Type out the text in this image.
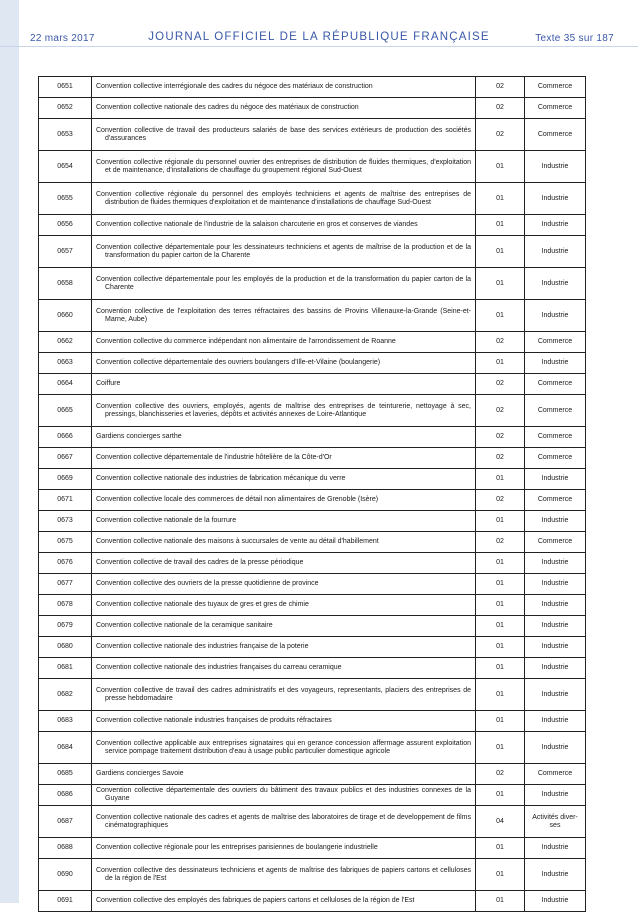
22 mars 2017	JOURNAL OFFICIEL DE LA RÉPUBLIQUE FRANÇAISE	Texte 35 sur 187
0651	Convention collective interrégionale des cadres du négoce des matériaux de construction	02	Commerce
0652	Convention collective nationale des cadres du négoce des matériaux de construction	02	Commerce
0653	Convention collective de travail des producteurs salariés de base des services extérieurs de production des sociétés d'assurances	02	Commerce
0654	Convention collective régionale du personnel ouvrier des entreprises de distribution de fluides thermiques, d'exploitation et de maintenance, d'installations de chauffage du groupement régional Sud-Ouest	01	Industrie
0655	Convention collective régionale du personnel des employés techniciens et agents de maîtrise des entreprises de distribution de fluides thermiques d'exploitation et de maintenance d'installations de chauffage Sud-Ouest	01	Industrie
0656	Convention collective nationale de l'industrie de la salaison charcuterie en gros et conserves de viandes	01	Industrie
0657	Convention collective départementale pour les dessinateurs techniciens et agents de maîtrise de la production et de la transformation du papier carton de la Charente	01	Industrie
0658	Convention collective départementale pour les employés de la production et de la transformation du papier carton de la Charente	01	Industrie
0660	Convention collective de l'exploitation des terres réfractaires des bassins de Provins Villenauxe-la-Grande (Seine-et-Marne, Aube)	01	Industrie
0662	Convention collective du commerce indépendant non alimentaire de l'arrondissement de Roanne	02	Commerce
0663	Convention collective départementale des ouvriers boulangers d'Ille-et-Vilaine (boulangerie)	01	Industrie
0664	Coiffure	02	Commerce
0665	Convention collective des ouvriers, employés, agents de maîtrise des entreprises de teinturerie, nettoyage à sec, pressings, blanchisseries et laveries, dépôts et activités annexes de Loire-Atlantique	02	Commerce
0666	Gardiens concierges sarthe	02	Commerce
0667	Convention collective départementale de l'industrie hôtelière de la Côte-d'Or	02	Commerce
0669	Convention collective nationale des industries de fabrication mécanique du verre	01	Industrie
0671	Convention collective locale des commerces de détail non alimentaires de Grenoble (Isère)	02	Commerce
0673	Convention collective nationale de la fourrure	01	Industrie
0675	Convention collective nationale des maisons à succursales de vente au détail d'habillement	02	Commerce
0676	Convention collective de travail des cadres de la presse périodique	01	Industrie
0677	Convention collective des ouvriers de la presse quotidienne de province	01	Industrie
0678	Convention collective nationale des tuyaux de gres et gres de chimie	01	Industrie
0679	Convention collective nationale de la ceramique sanitaire	01	Industrie
0680	Convention collective nationale des industries française de la poterie	01	Industrie
0681	Convention collective nationale des industries françaises du carreau ceramique	01	Industrie
0682	Convention collective de travail des cadres administratifs et des voyageurs, representants, placiers des entreprises de presse hebdomadaire	01	Industrie
0683	Convention collective nationale industries françaises de produits réfractaires	01	Industrie
0684	Convention collective applicable aux entreprises signataires qui en gerance concession affermage assurent exploitation service pompage traitement distribution d'eau à usage public particulier domestique agricole	01	Industrie
0685	Gardiens concierges Savoie	02	Commerce
0686	Convention collective départementale des ouvriers du bâtiment des travaux publics et des industries connexes de la Guyane	01	Industrie
0687	Convention collective nationale des cadres et agents de maîtrise des laboratoires de tirage et de developpement de films cinématographiques	04	Activités diver-ses
0688	Convention collective régionale pour les entreprises parisiennes de boulangerie industrielle	01	Industrie
0690	Convention collective des dessinateurs techniciens et agents de maîtrise des fabriques de papiers cartons et celluloses de la région de l'Est	01	Industrie
0691	Convention collective des employés des fabriques de papiers cartons et celluloses de la région de l'Est	01	Industrie
